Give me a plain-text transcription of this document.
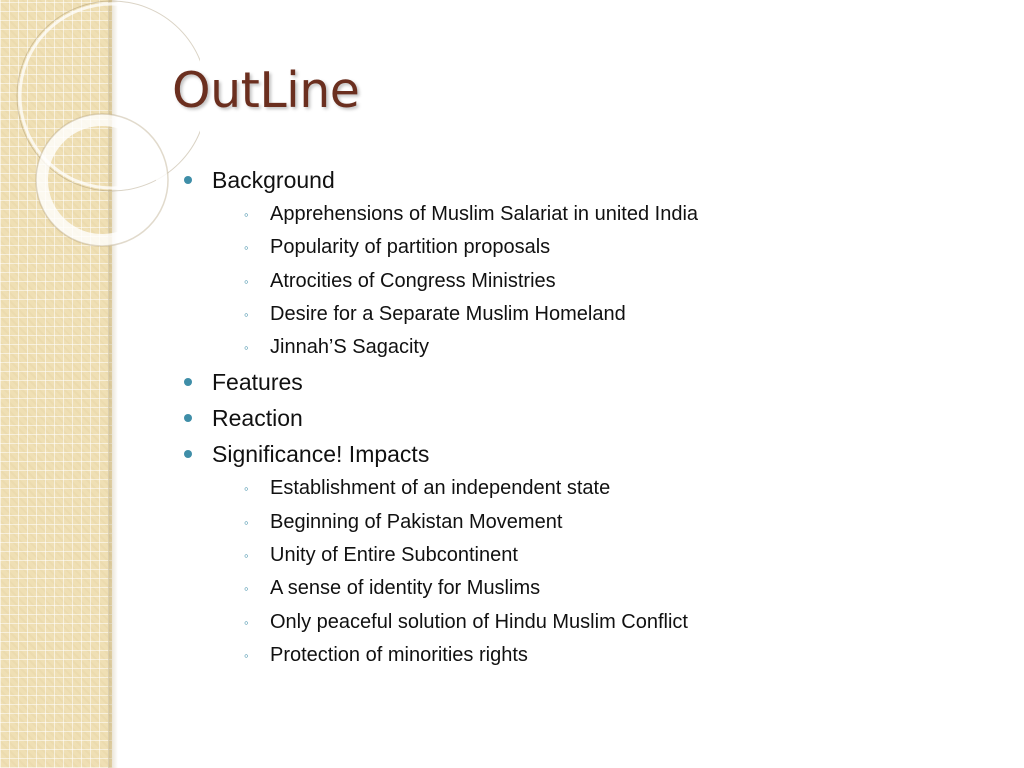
OutLine
Background
◦ Apprehensions of Muslim Salariat in united India
◦ Popularity of partition proposals
◦ Atrocities of Congress Ministries
◦ Desire for a Separate Muslim Homeland
◦ Jinnah’S Sagacity
Features
Reaction
Significance! Impacts
◦ Establishment of an independent state
◦ Beginning of Pakistan Movement
◦ Unity of Entire Subcontinent
◦ A sense of identity for Muslims
◦ Only peaceful solution of Hindu Muslim Conflict
◦ Protection of minorities rights
